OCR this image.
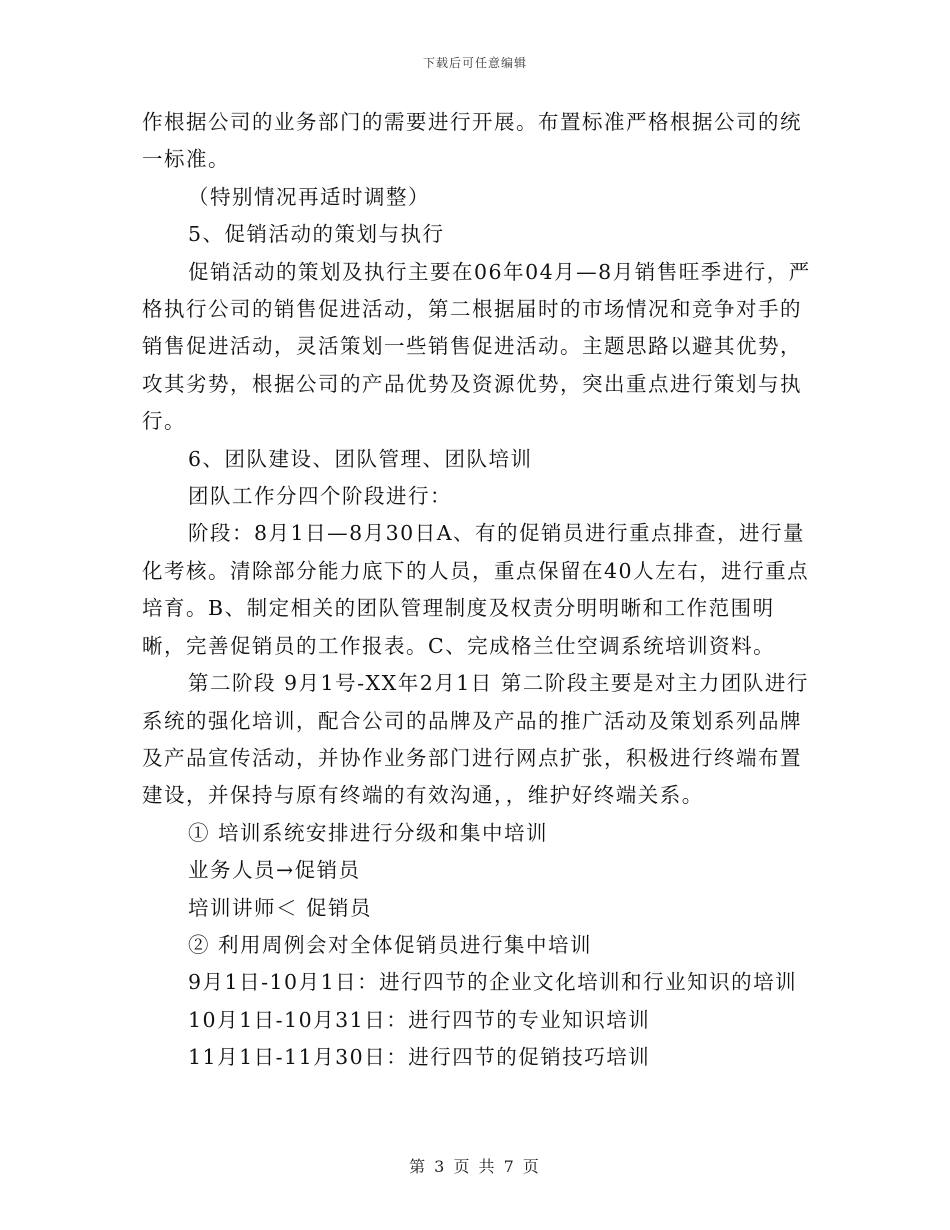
下载后可任意编辑

作根据公司的业务部门的需要进行开展。布置标准严格根据公司的统一标准。

（特别情况再适时调整）

5、促销活动的策划与执行

促销活动的策划及执行主要在06年04月—8月销售旺季进行，严格执行公司的销售促进活动，第二根据届时的市场情况和竞争对手的销售促进活动，灵活策划一些销售促进活动。主题思路以避其优势，攻其劣势，根据公司的产品优势及资源优势，突出重点进行策划与执行。

6、团队建设、团队管理、团队培训

团队工作分四个阶段进行：

阶段：8月1日—8月30日A、有的促销员进行重点排查，进行量化考核。清除部分能力底下的人员，重点保留在40人左右，进行重点培育。B、制定相关的团队管理制度及权责分明明晰和工作范围明晰，完善促销员的工作报表。C、完成格兰仕空调系统培训资料。

第二阶段 9月1号-XX年2月1日 第二阶段主要是对主力团队进行系统的强化培训，配合公司的品牌及产品的推广活动及策划系列品牌及产品宣传活动，并协作业务部门进行网点扩张，积极进行终端布置建设，并保持与原有终端的有效沟通，，维护好终端关系。

① 培训系统安排进行分级和集中培训

业务人员→促销员

培训讲师＜ 促销员

② 利用周例会对全体促销员进行集中培训

9月1日-10月1日：进行四节的企业文化培训和行业知识的培训

10月1日-10月31日：进行四节的专业知识培训

11月1日-11月30日：进行四节的促销技巧培训

第 3 页 共 7 页
